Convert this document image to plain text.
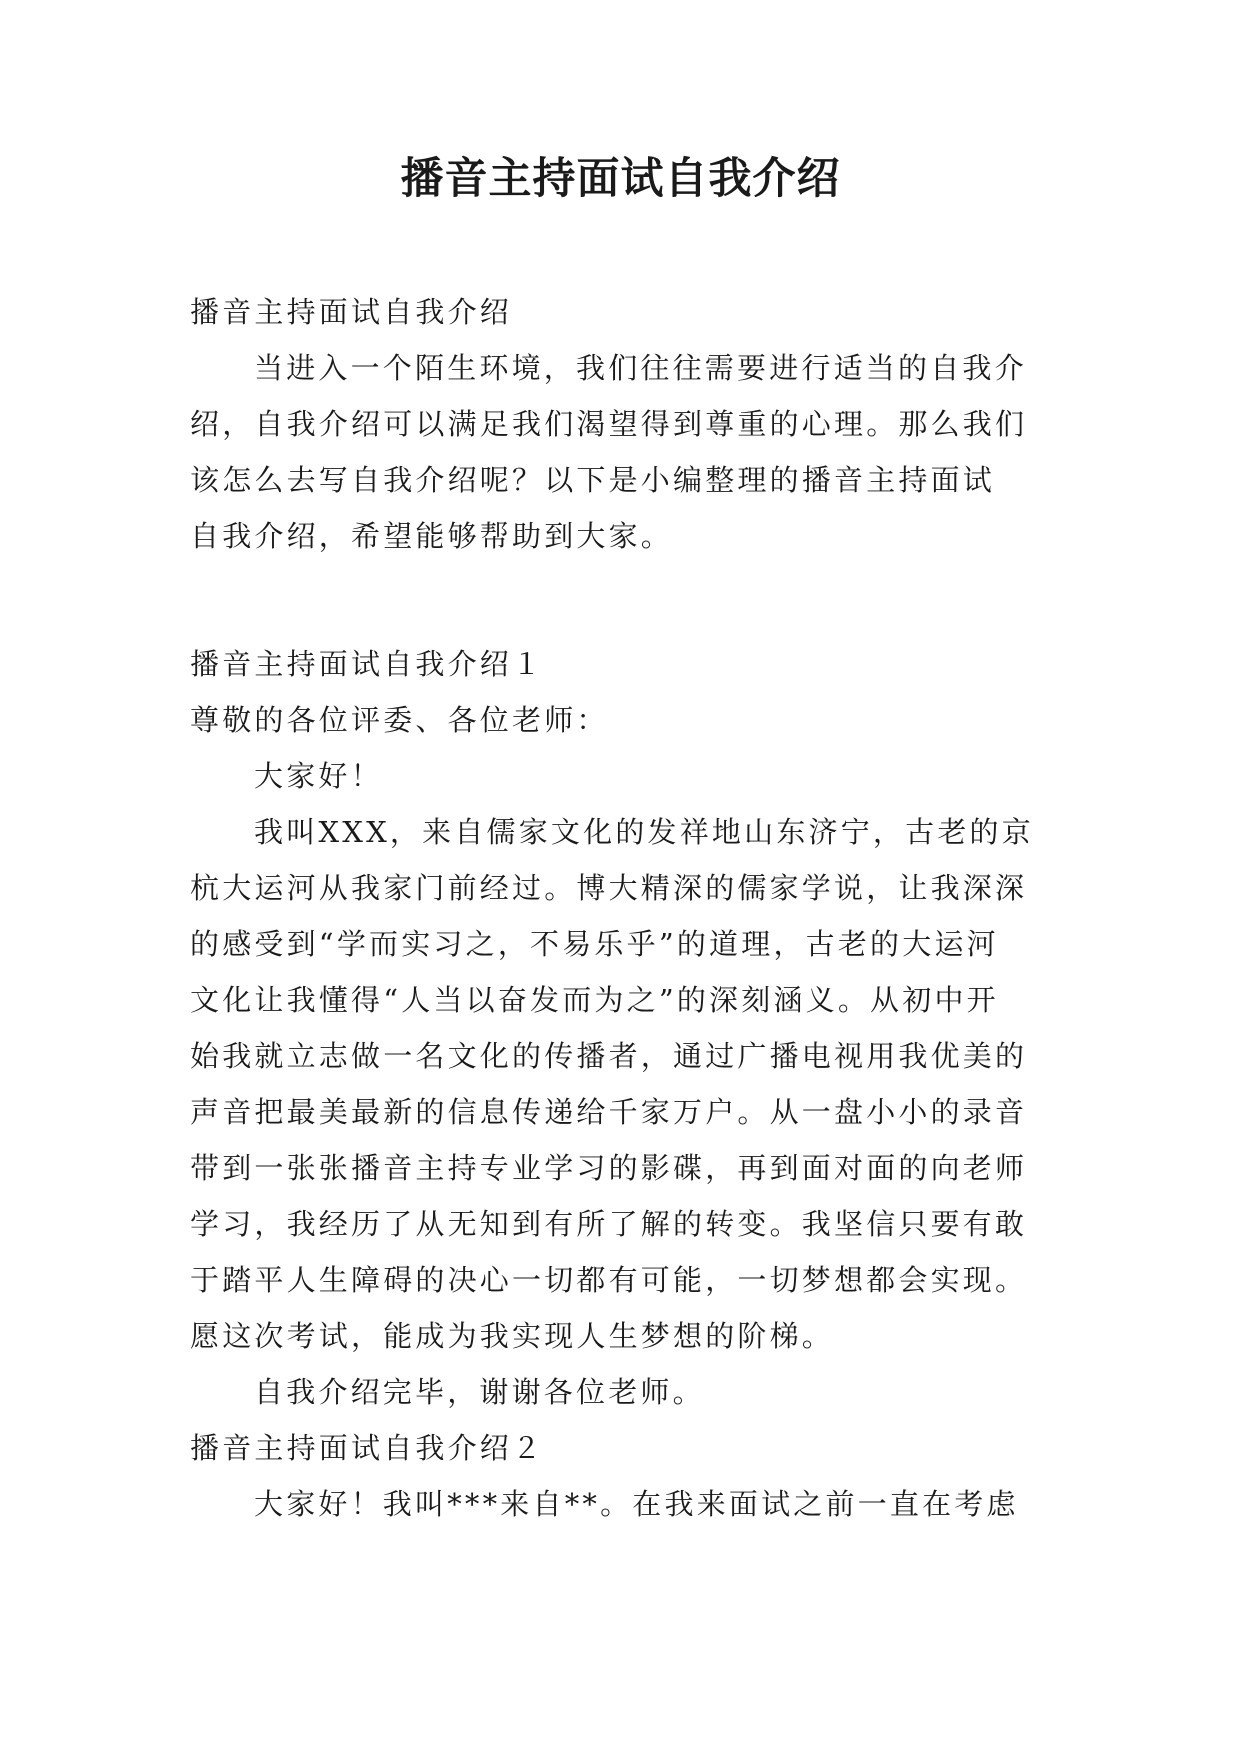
播音主持面试自我介绍
播音主持面试自我介绍
当进入一个陌生环境，我们往往需要进行适当的自我介
绍，自我介绍可以满足我们渴望得到尊重的心理。那么我们
该怎么去写自我介绍呢？以下是小编整理的播音主持面试
自我介绍，希望能够帮助到大家。
播音主持面试自我介绍１
尊敬的各位评委、各位老师：
大家好！
我叫XXX，来自儒家文化的发祥地山东济宁，古老的京
杭大运河从我家门前经过。博大精深的儒家学说，让我深深
的感受到“学而实习之，不易乐乎”的道理，古老的大运河
文化让我懂得“人当以奋发而为之”的深刻涵义。从初中开
始我就立志做一名文化的传播者，通过广播电视用我优美的
声音把最美最新的信息传递给千家万户。从一盘小小的录音
带到一张张播音主持专业学习的影碟，再到面对面的向老师
学习，我经历了从无知到有所了解的转变。我坚信只要有敢
于踏平人生障碍的决心一切都有可能，一切梦想都会实现。
愿这次考试，能成为我实现人生梦想的阶梯。
自我介绍完毕，谢谢各位老师。
播音主持面试自我介绍２
大家好！我叫***来自**。在我来面试之前一直在考虑
